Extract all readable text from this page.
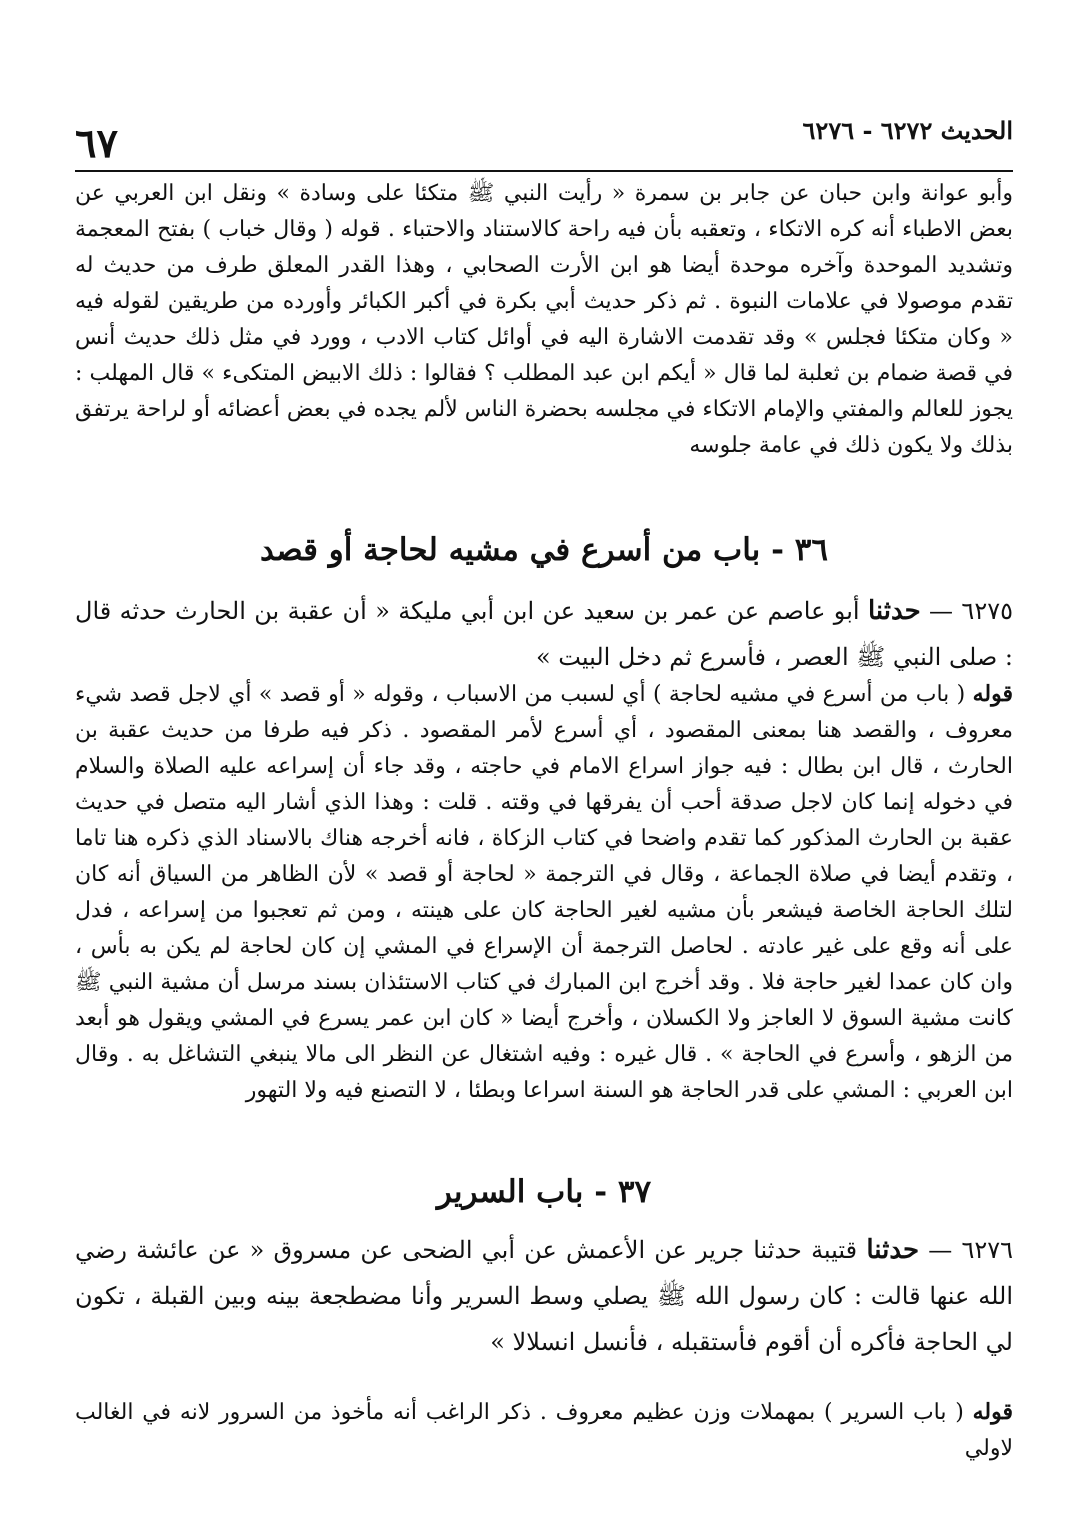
الحديث ٦٢٧٢ - ٦٢٧٦
٦٧
وأبو عوانة وابن حبان عن جابر بن سمرة « رأيت النبي ﷺ متكئا على وسادة » ونقل ابن العربي عن بعض الاطباء أنه كره الاتكاء ، وتعقبه بأن فيه راحة كالاستناد والاحتباء . قوله ( وقال خباب ) بفتح المعجمة وتشديد الموحدة وآخره موحدة أيضا هو ابن الأرت الصحابي ، وهذا القدر المعلق طرف من حديث له تقدم موصولا في علامات النبوة . ثم ذكر حديث أبي بكرة في أكبر الكبائر وأورده من طريقين لقوله فيه « وكان متكئا فجلس » وقد تقدمت الاشارة اليه في أوائل كتاب الادب ، وورد في مثل ذلك حديث أنس في قصة ضمام بن ثعلبة لما قال « أيكم ابن عبد المطلب ؟ فقالوا : ذلك الابيض المتكىء » قال المهلب : يجوز للعالم والمفتي والإمام الاتكاء في مجلسه بحضرة الناس لألم يجده في بعض أعضائه أو لراحة يرتفق بذلك ولا يكون ذلك في عامة جلوسه
٣٦ - باب من أسرع في مشيه لحاجة أو قصد
٦٢٧٥ — حدثنا أبو عاصم عن عمر بن سعيد عن ابن أبي مليكة « أن عقبة بن الحارث حدثه قال : صلى النبي ﷺ العصر ، فأسرع ثم دخل البيت »
قوله ( باب من أسرع في مشيه لحاجة ) أي لسبب من الاسباب ، وقوله « أو قصد » أي لاجل قصد شيء معروف ، والقصد هنا بمعنى المقصود ، أي أسرع لأمر المقصود . ذكر فيه طرفا من حديث عقبة بن الحارث ، قال ابن بطال : فيه جواز اسراع الامام في حاجته ، وقد جاء أن إسراعه عليه الصلاة والسلام في دخوله إنما كان لاجل صدقة أحب أن يفرقها في وقته . قلت : وهذا الذي أشار اليه متصل في حديث عقبة بن الحارث المذكور كما تقدم واضحا في كتاب الزكاة ، فانه أخرجه هناك بالاسناد الذي ذكره هنا تاما ، وتقدم أيضا في صلاة الجماعة ، وقال في الترجمة « لحاجة أو قصد » لأن الظاهر من السياق أنه كان لتلك الحاجة الخاصة فيشعر بأن مشيه لغير الحاجة كان على هينته ، ومن ثم تعجبوا من إسراعه ، فدل على أنه وقع على غير عادته . لحاصل الترجمة أن الإسراع في المشي إن كان لحاجة لم يكن به بأس ، وان كان عمدا لغير حاجة فلا . وقد أخرج ابن المبارك في كتاب الاستئذان بسند مرسل أن مشية النبي ﷺ كانت مشية السوق لا العاجز ولا الكسلان ، وأخرج أيضا « كان ابن عمر يسرع في المشي ويقول هو أبعد من الزهو ، وأسرع في الحاجة » . قال غيره : وفيه اشتغال عن النظر الى مالا ينبغي التشاغل به . وقال ابن العربي : المشي على قدر الحاجة هو السنة اسراعا وبطئا ، لا التصنع فيه ولا التهور
٣٧ - باب السرير
٦٢٧٦ — حدثنا قتيبة حدثنا جرير عن الأعمش عن أبي الضحى عن مسروق « عن عائشة رضي الله عنها قالت : كان رسول الله ﷺ يصلي وسط السرير وأنا مضطجعة بينه وبين القبلة ، تكون لي الحاجة فأكره أن أقوم فأستقبله ، فأنسل انسلالا »
قوله ( باب السرير ) بمهملات وزن عظيم معروف . ذكر الراغب أنه مأخوذ من السرور لانه في الغالب لاولي
